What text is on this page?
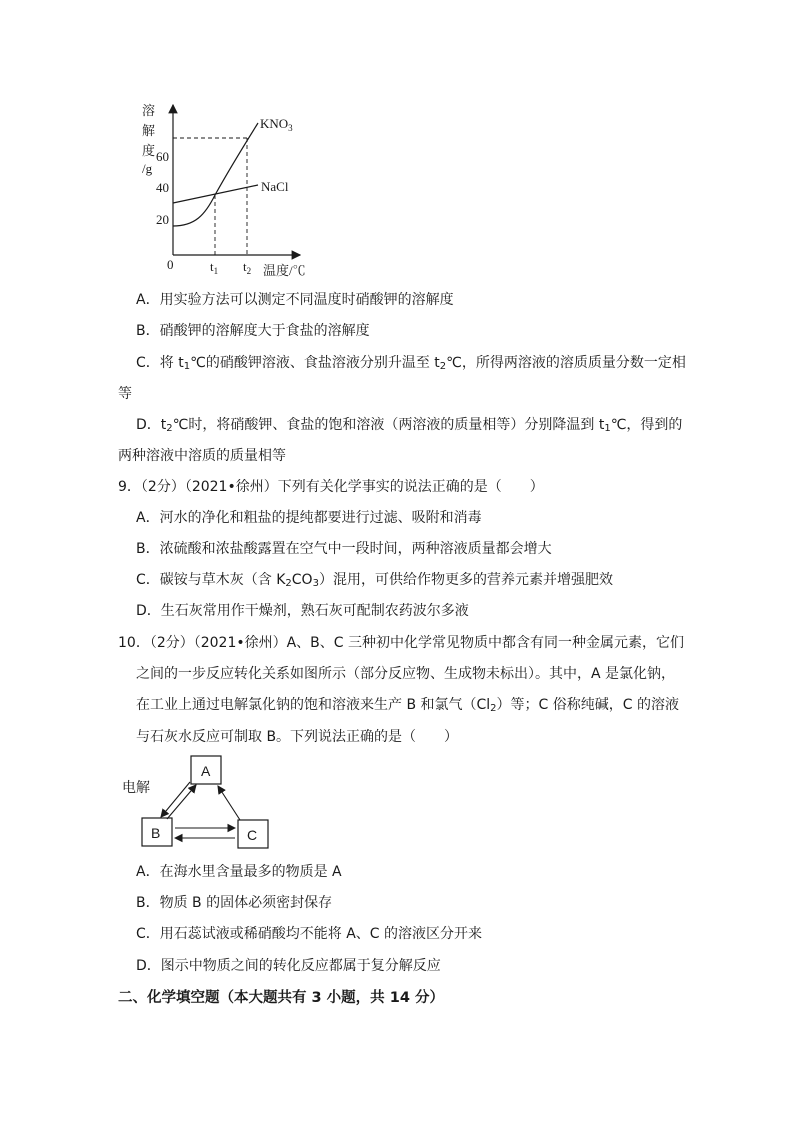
溶
解
度
/g
60
40
20
0
$KNO_3$
NaCl
$t_1$ $t_2$ 温度/℃
A．用实验方法可以测定不同温度时硝酸钾的溶解度
B．硝酸钾的溶解度大于食盐的溶解度
C．将 $t_1℃$的硝酸钾溶液、食盐溶液分别升温至 $t_2℃$，所得两溶液的溶质质量分数一定相
等
D．$t_2℃$时，将硝酸钾、食盐的饱和溶液（两溶液的质量相等）分别降温到 $t_1℃$，得到的
两种溶液中溶质的质量相等
9．（2分）（2021•徐州）下列有关化学事实的说法正确的是（　　）
A．河水的净化和粗盐的提纯都要进行过滤、吸附和消毒
B．浓硫酸和浓盐酸露置在空气中一段时间，两种溶液质量都会增大
C．碳铵与草木灰（含 $K_2CO_3$）混用，可供给作物更多的营养元素并增强肥效
D．生石灰常用作干燥剂，熟石灰可配制农药波尔多液
10．（2分）（2021•徐州）A、B、C 三种初中化学常见物质中都含有同一种金属元素，它们
之间的一步反应转化关系如图所示（部分反应物、生成物未标出）。其中，A 是氯化钠，
在工业上通过电解氯化钠的饱和溶液来生产 B 和氯气$(Cl_2)$等；C 俗称纯碱，C 的溶液
与石灰水反应可制取 B。下列说法正确的是（　　）
A
B	C
电解
A．在海水里含量最多的物质是 A
B．物质 B 的固体必须密封保存
C．用石蕊试液或稀硝酸均不能将 A、C 的溶液区分开来
D．图示中物质之间的转化反应都属于复分解反应
二、化学填空题（本大题共有 3 小题，共 14 分）
